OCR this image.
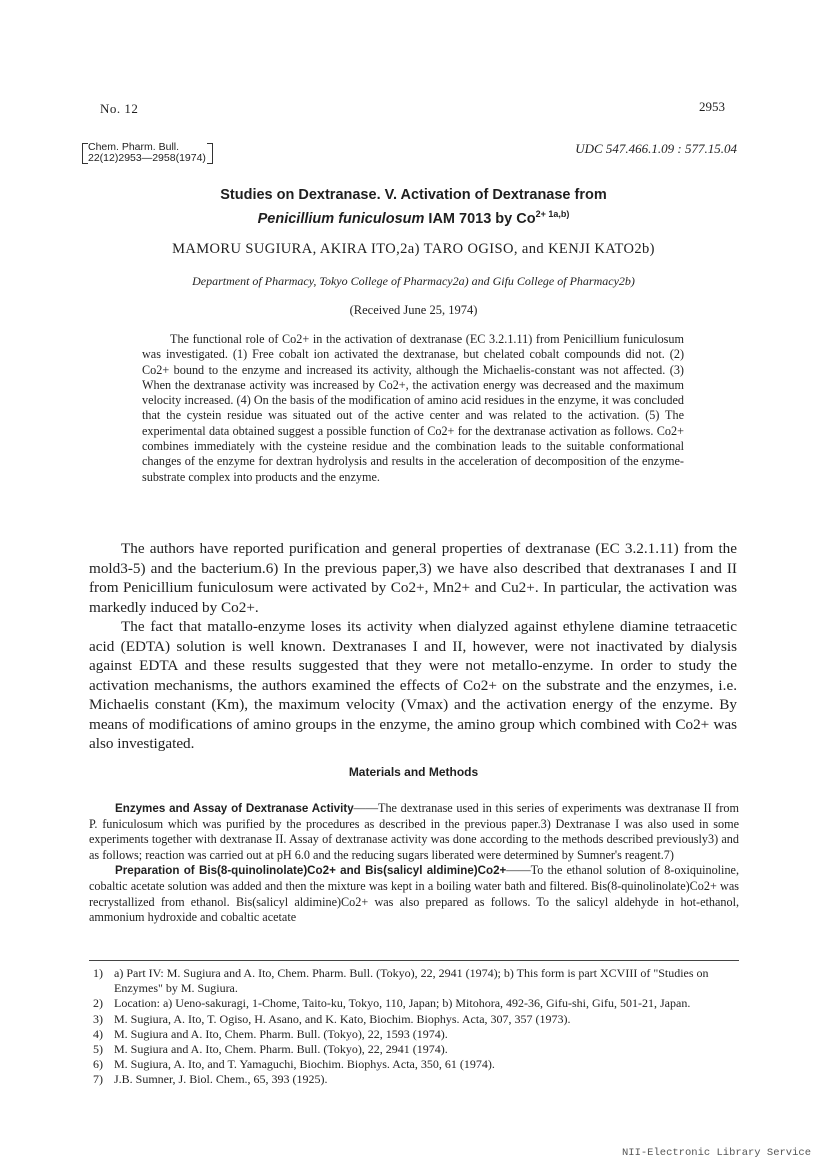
No. 12	2953
Chem. Pharm. Bull.
22(12)2953—2958(1974)
UDC 547.466.1.09 : 577.15.04
Studies on Dextranase. V. Activation of Dextranase from
Penicillium funiculosum IAM 7013 by $Co^{2+ 1a,b)}$
MAMORU SUGIURA, AKIRA ITO,2a) TARO OGISO, and KENJI KATO2b)
Department of Pharmacy, Tokyo College of Pharmacy2a) and Gifu College of Pharmacy2b)
(Received June 25, 1974)

The functional role of Co2+ in the activation of dextranase (EC 3.2.1.11) from Penicillium funiculosum was investigated. (1) Free cobalt ion activated the dextranase, but chelated cobalt compounds did not. (2) Co2+ bound to the enzyme and increased its activity, although the Michaelis-constant was not affected. (3) When the dextranase activity was increased by Co2+, the activation energy was decreased and the maximum velocity increased. (4) On the basis of the modification of amino acid residues in the enzyme, it was concluded that the cystein residue was situated out of the active center and was related to the activation. (5) The experimental data obtained suggest a possible function of Co2+ for the dextranase activation as follows. Co2+ combines immediately with the cysteine residue and the combination leads to the suitable conformational changes of the enzyme for dextran hydrolysis and results in the acceleration of decomposition of the enzyme-substrate complex into products and the enzyme.

The authors have reported purification and general properties of dextranase (EC 3.2.1.11) from the mold3-5) and the bacterium.6) In the previous paper,3) we have also described that dextranases I and II from Penicillium funiculosum were activated by Co2+, Mn2+ and Cu2+. In particular, the activation was markedly induced by Co2+.

The fact that matallo-enzyme loses its activity when dialyzed against ethylene diamine tetraacetic acid (EDTA) solution is well known. Dextranases I and II, however, were not inactivated by dialysis against EDTA and these results suggested that they were not metallo-enzyme. In order to study the activation mechanisms, the authors examined the effects of Co2+ on the substrate and the enzymes, i.e. Michaelis constant (Km), the maximum velocity (Vmax) and the activation energy of the enzyme. By means of modifications of amino groups in the enzyme, the amino group which combined with Co2+ was also investigated.

Materials and Methods

Enzymes and Assay of Dextranase Activity——The dextranase used in this series of experiments was dextranase II from P. funiculosum which was purified by the procedures as described in the previous paper.3) Dextranase I was also used in some experiments together with dextranase II. Assay of dextranase activity was done according to the methods described previously3) and as follows; reaction was carried out at pH 6.0 and the reducing sugars liberated were determined by Sumner's reagent.7)

Preparation of Bis(8-quinolinolate)Co2+ and Bis(salicyl aldimine)Co2+——To the ethanol solution of 8-oxiquinoline, cobaltic acetate solution was added and then the mixture was kept in a boiling water bath and filtered. Bis(8-quinolinolate)Co2+ was recrystallized from ethanol. Bis(salicyl aldimine)Co2+ was also prepared as follows. To the salicyl aldehyde in hot-ethanol, ammonium hydroxide and cobaltic acetate

1) a) Part IV: M. Sugiura and A. Ito, Chem. Pharm. Bull. (Tokyo), 22, 2941 (1974); b) This form is part XCVIII of "Studies on Enzymes" by M. Sugiura.
2) Location: a) Ueno-sakuragi, 1-Chome, Taito-ku, Tokyo, 110, Japan; b) Mitohora, 492-36, Gifu-shi, Gifu, 501-21, Japan.
3) M. Sugiura, A. Ito, T. Ogiso, H. Asano, and K. Kato, Biochim. Biophys. Acta, 307, 357 (1973).
4) M. Sugiura and A. Ito, Chem. Pharm. Bull. (Tokyo), 22, 1593 (1974).
5) M. Sugiura and A. Ito, Chem. Pharm. Bull. (Tokyo), 22, 2941 (1974).
6) M. Sugiura, A. Ito, and T. Yamaguchi, Biochim. Biophys. Acta, 350, 61 (1974).
7) J.B. Sumner, J. Biol. Chem., 65, 393 (1925).
NII-Electronic Library Service
